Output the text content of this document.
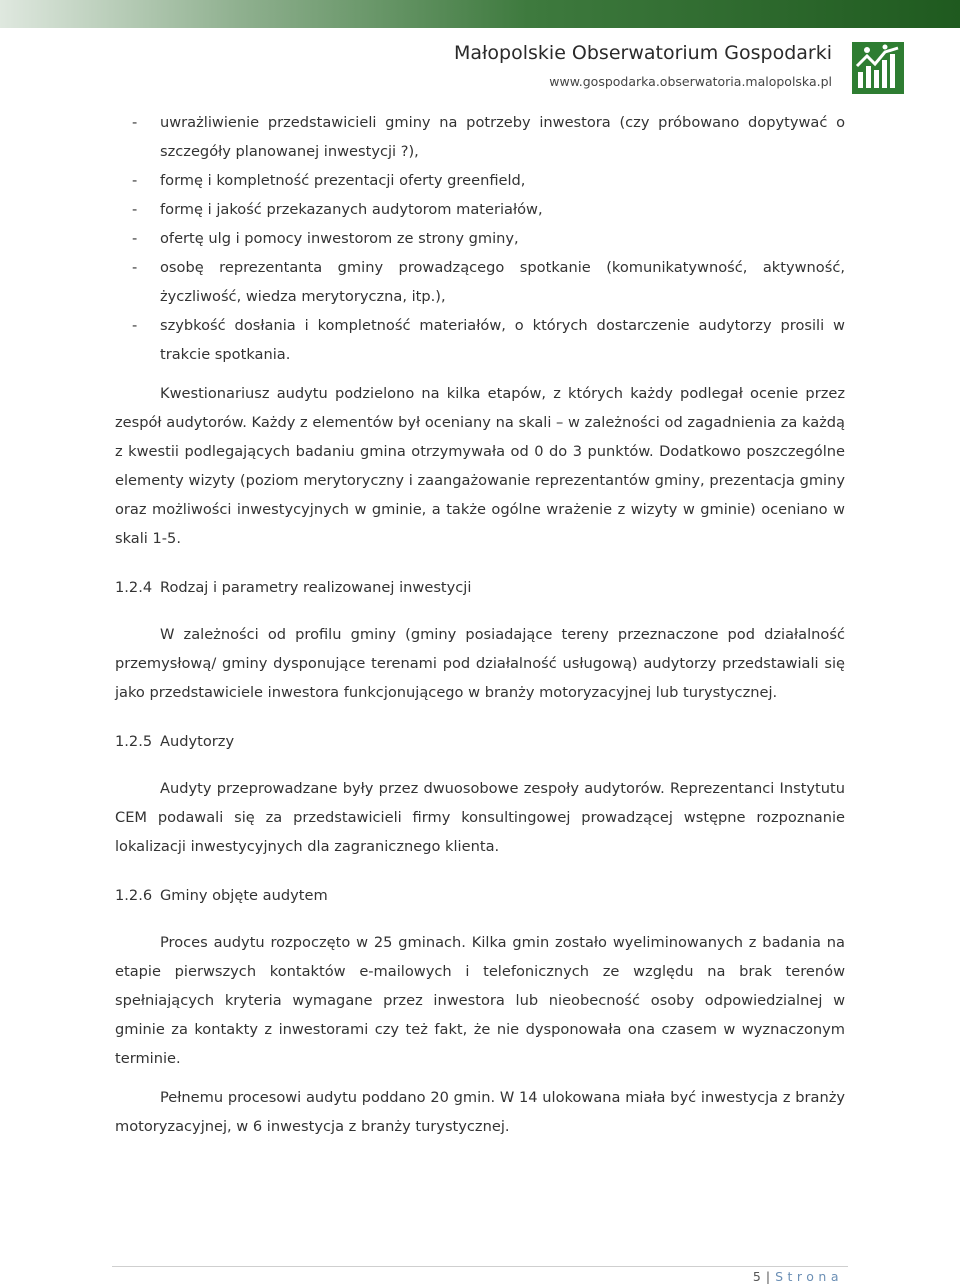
Małopolskie Obserwatorium Gospodarki
www.gospodarka.obserwatoria.malopolska.pl
- uwrażliwienie przedstawicieli gminy na potrzeby inwestora (czy próbowano dopytywać o szczegóły planowanej inwestycji ?),
- formę i kompletność prezentacji oferty greenfield,
- formę i jakość przekazanych audytorom materiałów,
- ofertę ulg i pomocy inwestorom ze strony gminy,
- osobę reprezentanta gminy prowadzącego spotkanie (komunikatywność, aktywność, życzliwość, wiedza merytoryczna, itp.),
- szybkość dosłania i kompletność materiałów, o których dostarczenie audytorzy prosili w trakcie spotkania.
Kwestionariusz audytu podzielono na kilka etapów, z których każdy podlegał ocenie przez zespół audytorów. Każdy z elementów był oceniany na skali – w zależności od zagadnienia za każdą z kwestii podlegających badaniu gmina otrzymywała od 0 do 3 punktów. Dodatkowo poszczególne elementy wizyty (poziom merytoryczny i zaangażowanie reprezentantów gminy, prezentacja gminy oraz możliwości inwestycyjnych w gminie, a także ogólne wrażenie z wizyty w gminie) oceniano w skali 1-5.
1.2.4 Rodzaj i parametry realizowanej inwestycji
W zależności od profilu gminy (gminy posiadające tereny przeznaczone pod działalność przemysłową/ gminy dysponujące terenami pod działalność usługową) audytorzy przedstawiali się jako przedstawiciele inwestora funkcjonującego w branży motoryzacyjnej lub turystycznej.
1.2.5 Audytorzy
Audyty przeprowadzane były przez dwuosobowe zespoły audytorów. Reprezentanci Instytutu CEM podawali się za przedstawicieli firmy konsultingowej prowadzącej wstępne rozpoznanie lokalizacji inwestycyjnych dla zagranicznego klienta.
1.2.6 Gminy objęte audytem
Proces audytu rozpoczęto w 25 gminach. Kilka gmin zostało wyeliminowanych z badania na etapie pierwszych kontaktów e-mailowych i telefonicznych ze względu na brak terenów spełniających kryteria wymagane przez inwestora lub nieobecność osoby odpowiedzialnej w gminie za kontakty z inwestorami czy też fakt, że nie dysponowała ona czasem w wyznaczonym terminie.
Pełnemu procesowi audytu poddano 20 gmin. W 14 ulokowana miała być inwestycja z branży motoryzacyjnej, w 6 inwestycja z branży turystycznej.
5 | Strona
